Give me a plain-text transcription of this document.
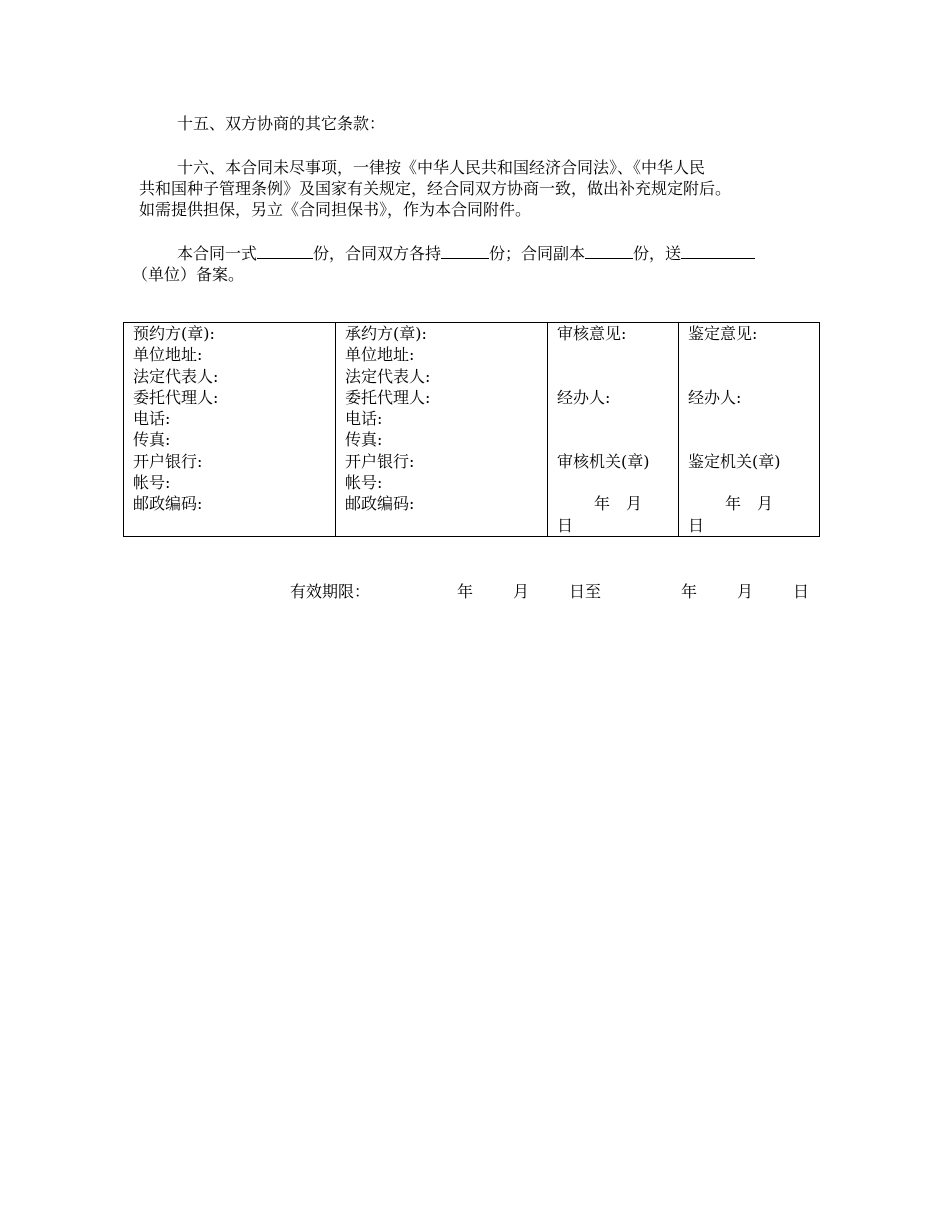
十五、双方协商的其它条款：
十六、本合同未尽事项，一律按《中华人民共和国经济合同法》、《中华人民
共和国种子管理条例》及国家有关规定，经合同双方协商一致，做出补充规定附后。
如需提供担保，另立《合同担保书》，作为本合同附件。
本合同一式	份，合同双方各持	份；合同副本	份，送
（单位）备案。
预约方(章):
单位地址:
法定代表人:
委托代理人:
电话:
传真:
开户银行:
帐号:
邮政编码:

承约方(章):
单位地址:
法定代表人:
委托代理人:
电话:
传真:
开户银行:
帐号:
邮政编码:

审核意见:
经办人:
审核机关(章)
年　月
日

鉴定意见:
经办人:
鉴定机关(章)
年　月
日
有效期限：	年 月 日至	年 月 日
